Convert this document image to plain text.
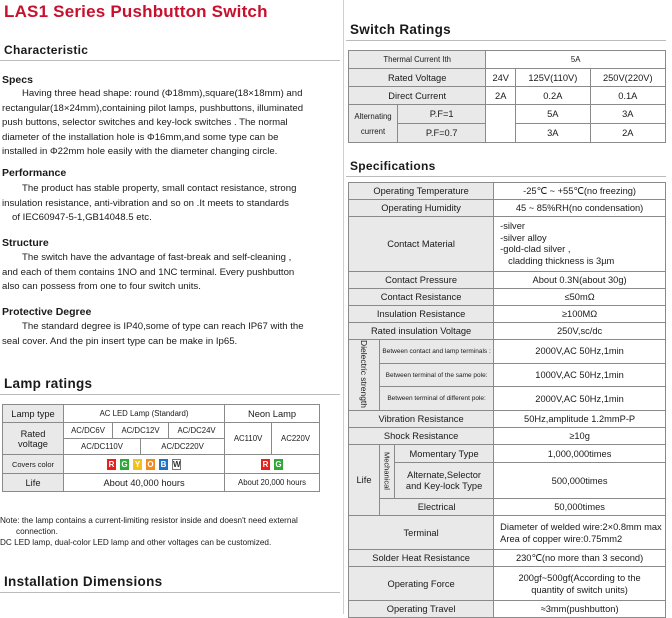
LAS1 Series Pushbutton Switch
Characteristic
Specs
Having three head shape: round (Φ18mm),square(18×18mm) and
rectangular(18×24mm),containing pilot lamps, pushbuttons, illuminated
push buttons, selector switches and key-lock switches . The normal
diameter of the installation hole is Φ16mm,and some type can be
installed in Φ22mm hole easily with the diameter changing circle.
Performance
The product has stable property, small contact resistance, strong
insulation resistance, anti-vibration and so on .It meets to standards
of IEC60947-5-1,GB14048.5 etc.
Structure
The switch have the advantage of fast-break and self-cleaning ,
and each of them contains 1NO and 1NC terminal. Every pushbutton
also can possess from one to four switch units.
Protective Degree
The standard degree is IP40,some of type can reach IP67 with the
seal cover. And the pin insert type can be make in Ip65.
Lamp ratings
Lamp type	AC LED Lamp (Standard)				Neon Lamp	
Rated voltage	AC/DC6V	AC/DC12V		AC/DC24V	AC110V	AC220V
	AC/DC110V		AC/DC220V			
Covers color	R G Y O B W				R G	
Life	About 40,000 hours				About 20,000 hours	
Note: the lamp contains a current-limiting resistor inside and doesn't need external
connection.
DC LED lamp, dual-color LED lamp and other voltages can be customized.
Installation Dimensions
Switch Ratings
Thermal Current Ith		5A		
Rated Voltage		24V	125V(110V)	250V(220V)
Direct Current		2A	0.2A	0.1A

Alternating
current	P.F=1		5A	3A
	P.F=0.7		3A	2A
Specifications
Operating Temperature			-25℃ ~ +55℃(no freezing)
Operating Humidity			45 ~ 85%RH(no condensation)
Contact Material			-silver
-silver alloy
-gold-clad silver ,
cladding thickness is 3µm

Contact Pressure			About 0.3N(about 30g)
Contact Resistance			≤50mΩ
Insulation Resistance			≥100MΩ
Rated insulation Voltage			250V,sc/dc
Dielectric strength	Between contact and lamp terminals :		2000V,AC 50Hz,1min
	Between terminal of the same pole:		1000V,AC 50Hz,1min
	Between terminal of different pole:		2000V,AC 50Hz,1min
Vibration Resistance			50Hz,amplitude 1.2mmP-P
Shock Resistance			≥10g
Life	Mechanical	Momentary Type	1,000,000times

		Alternate,Selector
and Key-lock Type	500,000times
	Electrical		50,000times
Terminal			Diameter of welded wire:2×0.8mm max
Area of copper wire:0.75mm2

Solder Heat Resistance			230℃(no more than 3 second)
Operating Force			200gf~500gf(According to the
quantity of switch units)

Operating Travel			≈3mm(pushbutton)
